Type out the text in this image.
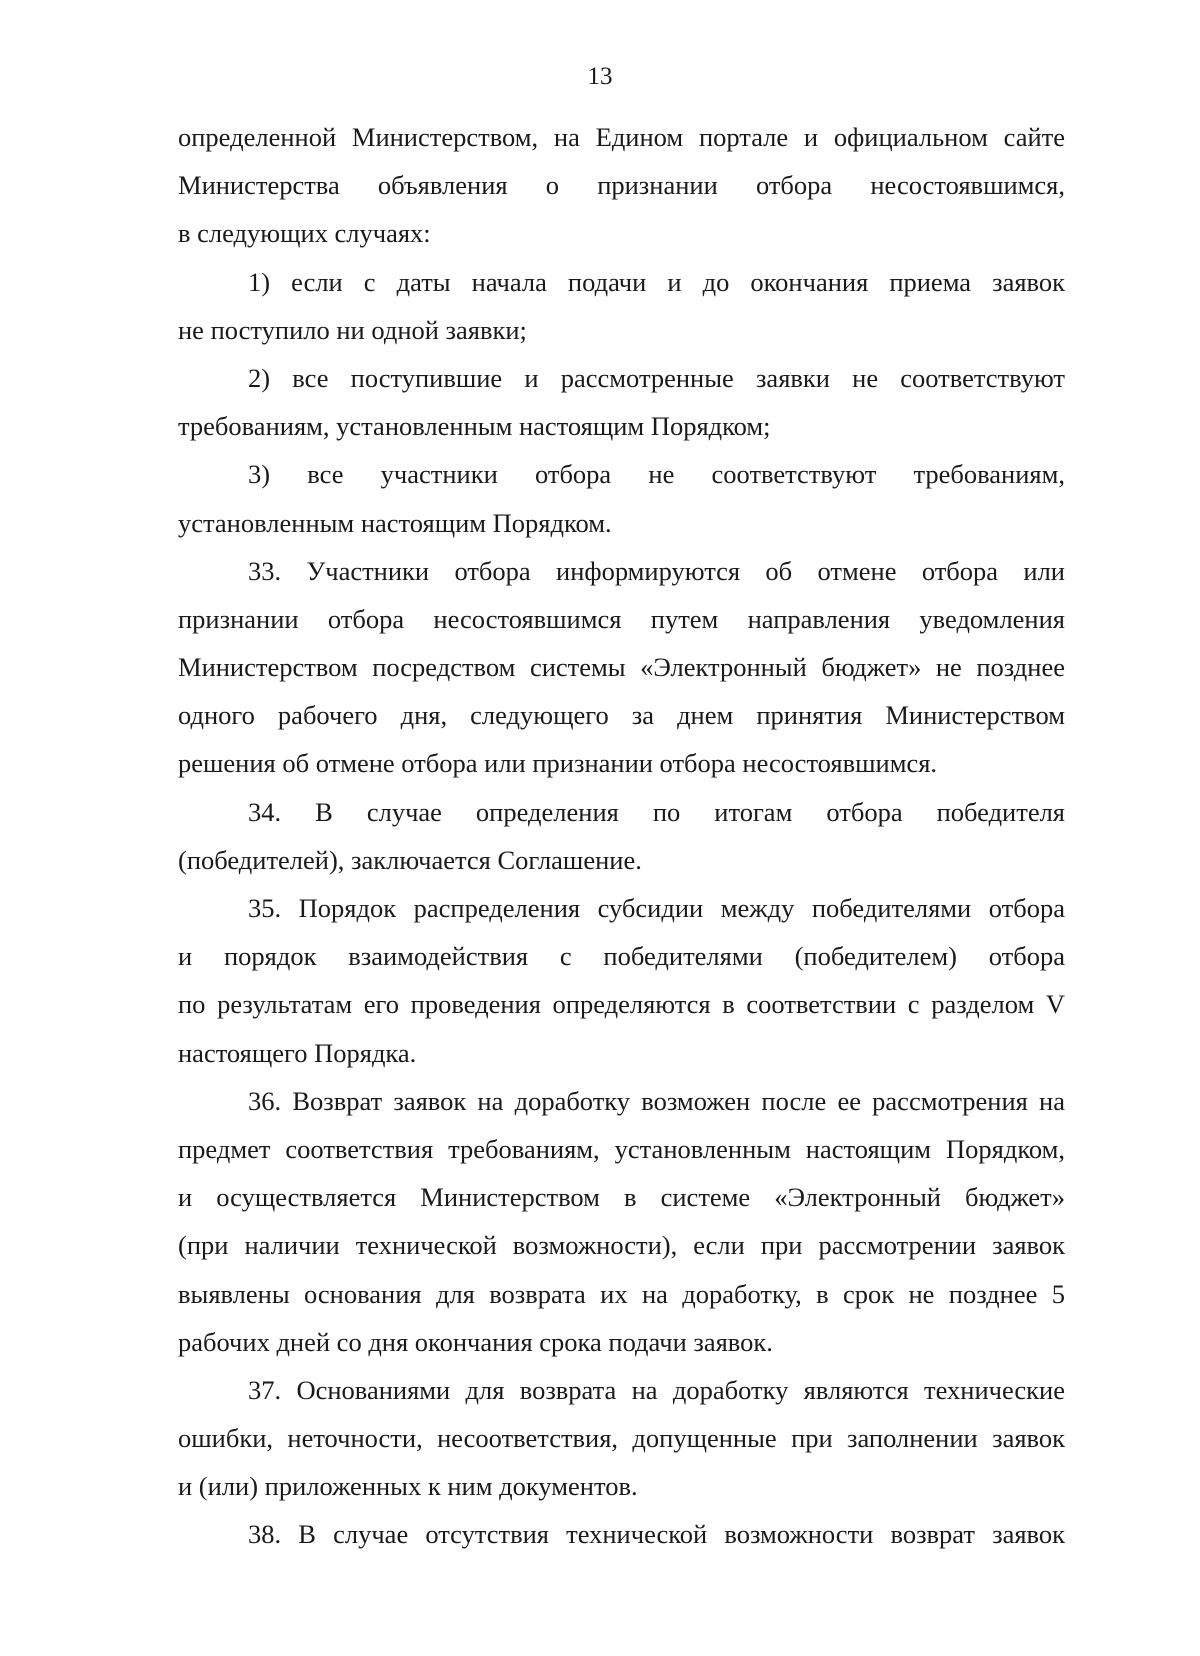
13
определенной Министерством, на Едином портале и официальном сайте
Министерства объявления о признании отбора несостоявшимся,
в следующих случаях:
1) если с даты начала подачи и до окончания приема заявок
не поступило ни одной заявки;
2) все поступившие и рассмотренные заявки не соответствуют
требованиям, установленным настоящим Порядком;
3) все участники отбора не соответствуют требованиям,
установленным настоящим Порядком.
33. Участники отбора информируются об отмене отбора или
признании отбора несостоявшимся путем направления уведомления
Министерством посредством системы «Электронный бюджет» не позднее
одного рабочего дня, следующего за днем принятия Министерством
решения об отмене отбора или признании отбора несостоявшимся.
34. В случае определения по итогам отбора победителя
(победителей), заключается Соглашение.
35. Порядок распределения субсидии между победителями отбора
и порядок взаимодействия с победителями (победителем) отбора
по результатам его проведения определяются в соответствии с разделом V
настоящего Порядка.
36. Возврат заявок на доработку возможен после ее рассмотрения на
предмет соответствия требованиям, установленным настоящим Порядком,
и осуществляется Министерством в системе «Электронный бюджет»
(при наличии технической возможности), если при рассмотрении заявок
выявлены основания для возврата их на доработку, в срок не позднее 5
рабочих дней со дня окончания срока подачи заявок.
37. Основаниями для возврата на доработку являются технические
ошибки, неточности, несоответствия, допущенные при заполнении заявок
и (или) приложенных к ним документов.
38. В случае отсутствия технической возможности возврат заявок
